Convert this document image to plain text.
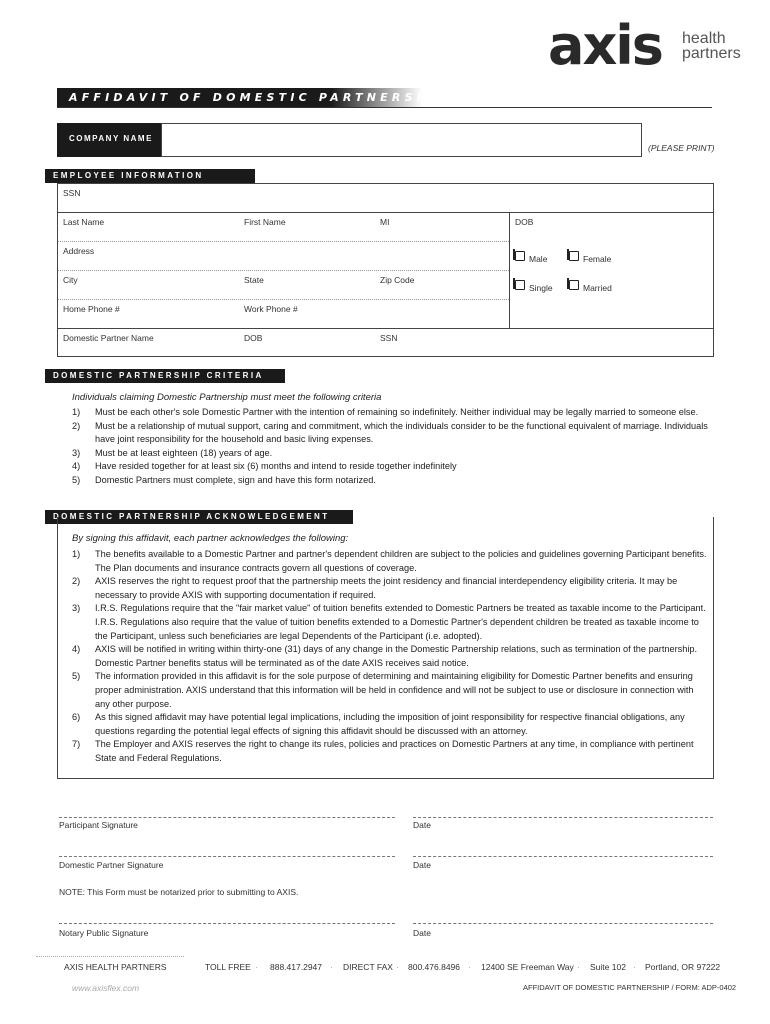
axis health
partners
AFFIDAVIT OF DOMESTIC PARTNERSHIP
COMPANY NAME
(PLEASE PRINT)
EMPLOYEE INFORMATION
SSN
Last Name	First Name	MI	DOB
Address
Male	Female
City	State	Zip Code
Single	Married
Home Phone #	Work Phone #
Domestic Partner Name	DOB	SSN
DOMESTIC PARTNERSHIP CRITERIA
Individuals claiming Domestic Partnership must meet the following criteria
1) Must be each other's sole Domestic Partner with the intention of remaining so indefinitely. Neither individual may be legally married to someone else.
2) Must be a relationship of mutual support, caring and commitment, which the individuals consider to be the functional equivalent of marriage. Individuals have joint responsibility for the household and basic living expenses.
3) Must be at least eighteen (18) years of age.
4) Have resided together for at least six (6) months and intend to reside together indefinitely
5) Domestic Partners must complete, sign and have this form notarized.
DOMESTIC PARTNERSHIP ACKNOWLEDGEMENT
By signing this affidavit, each partner acknowledges the following:
1) The benefits available to a Domestic Partner and partner's dependent children are subject to the policies and guidelines governing Participant benefits. The Plan documents and insurance contracts govern all questions of coverage.
2) AXIS reserves the right to request proof that the partnership meets the joint residency and financial interdependency eligibility criteria. It may be necessary to provide AXIS with supporting documentation if required.
3) I.R.S. Regulations require that the "fair market value" of tuition benefits extended to Domestic Partners be treated as taxable income to the Participant. I.R.S. Regulations also require that the value of tuition benefits extended to a Domestic Partner's dependent children be treated as taxable income to the Participant, unless such beneficiaries are legal Dependents of the Participant (i.e. adopted).
4) AXIS will be notified in writing within thirty-one (31) days of any change in the Domestic Partnership relations, such as termination of the partnership. Domestic Partner benefits status will be terminated as of the date AXIS receives said notice.
5) The information provided in this affidavit is for the sole purpose of determining and maintaining eligibility for Domestic Partner benefits and ensuring proper administration. AXIS understand that this information will be held in confidence and will not be subject to use or disclosure in connection with any other purpose.
6) As this signed affidavit may have potential legal implications, including the imposition of joint responsibility for respective financial obligations, any questions regarding the potential legal effects of signing this affidavit should be discussed with an attorney.
7) The Employer and AXIS reserves the right to change its rules, policies and practices on Domestic Partners at any time, in compliance with pertinent State and Federal Regulations.
Participant Signature	Date
Domestic Partner Signature	Date
NOTE: This Form must be notarized prior to submitting to AXIS.
Notary Public Signature	Date
AXIS HEALTH PARTNERS	TOLL FREE · 888.417.2947 · DIRECT FAX · 800.476.8496 · 12400 SE Freeman Way · Suite 102 · Portland, OR 97222
www.axisflex.com	AFFIDAVIT OF DOMESTIC PARTNERSHIP / FORM: ADP-0402
